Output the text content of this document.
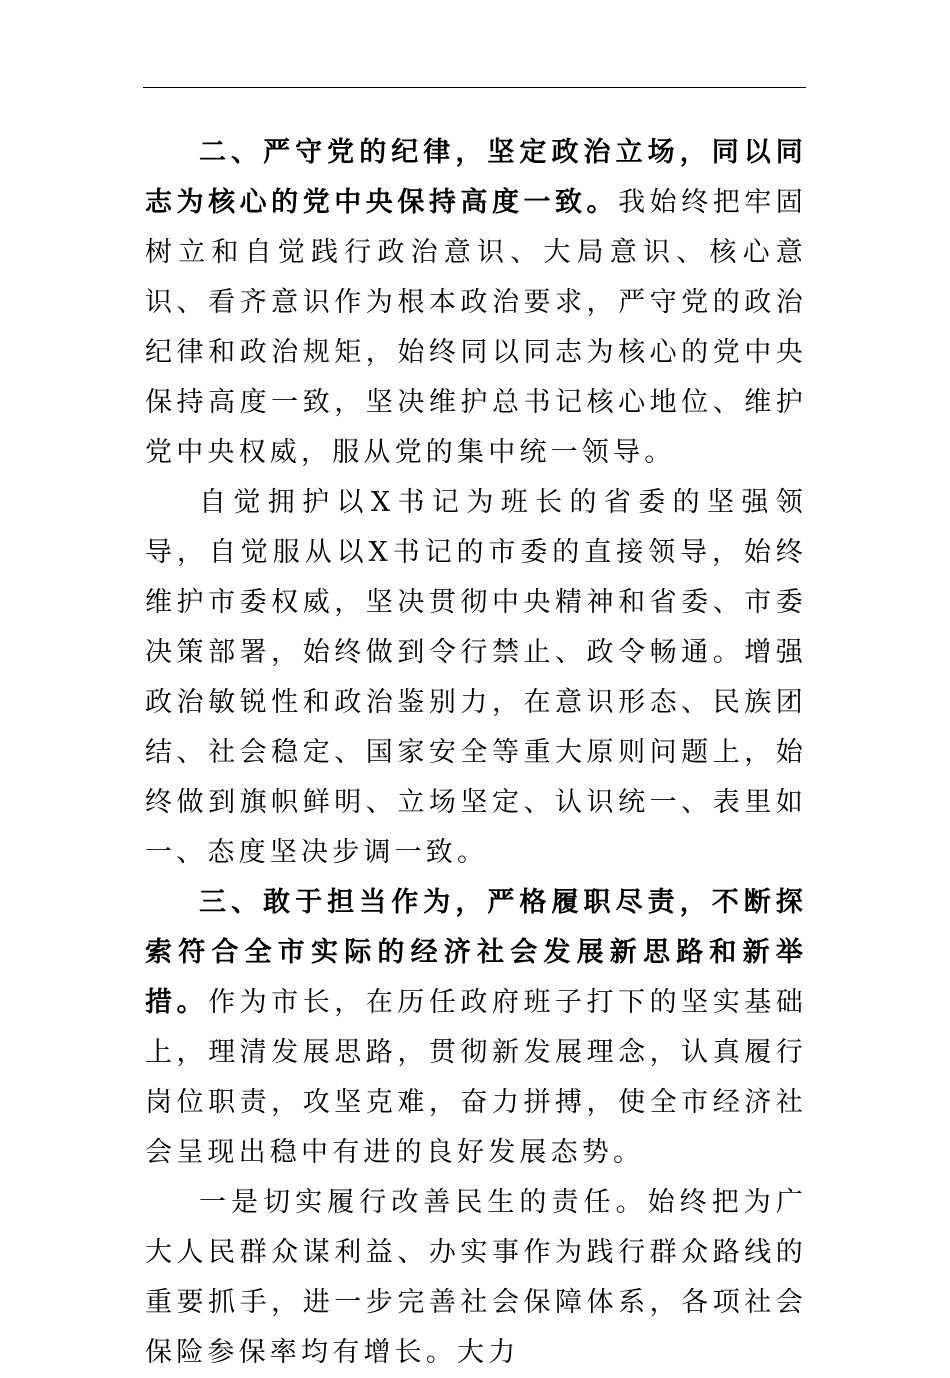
二、严守党的纪律，坚定政治立场，同以同志为核心的党中央保持高度一致。我始终把牢固树立和自觉践行政治意识、大局意识、核心意识、看齐意识作为根本政治要求，严守党的政治纪律和政治规矩，始终同以同志为核心的党中央保持高度一致，坚决维护总书记核心地位、维护党中央权威，服从党的集中统一领导。

自觉拥护以X书记为班长的省委的坚强领导，自觉服从以X书记的市委的直接领导，始终维护市委权威，坚决贯彻中央精神和省委、市委决策部署，始终做到令行禁止、政令畅通。增强政治敏锐性和政治鉴别力，在意识形态、民族团结、社会稳定、国家安全等重大原则问题上，始终做到旗帜鲜明、立场坚定、认识统一、表里如一、态度坚决步调一致。

三、敢于担当作为，严格履职尽责，不断探索符合全市实际的经济社会发展新思路和新举措。作为市长，在历任政府班子打下的坚实基础上，理清发展思路，贯彻新发展理念，认真履行岗位职责，攻坚克难，奋力拼搏，使全市经济社会呈现出稳中有进的良好发展态势。

一是切实履行改善民生的责任。始终把为广大人民群众谋利益、办实事作为践行群众路线的重要抓手，进一步完善社会保障体系，各项社会保险参保率均有增长。大力
